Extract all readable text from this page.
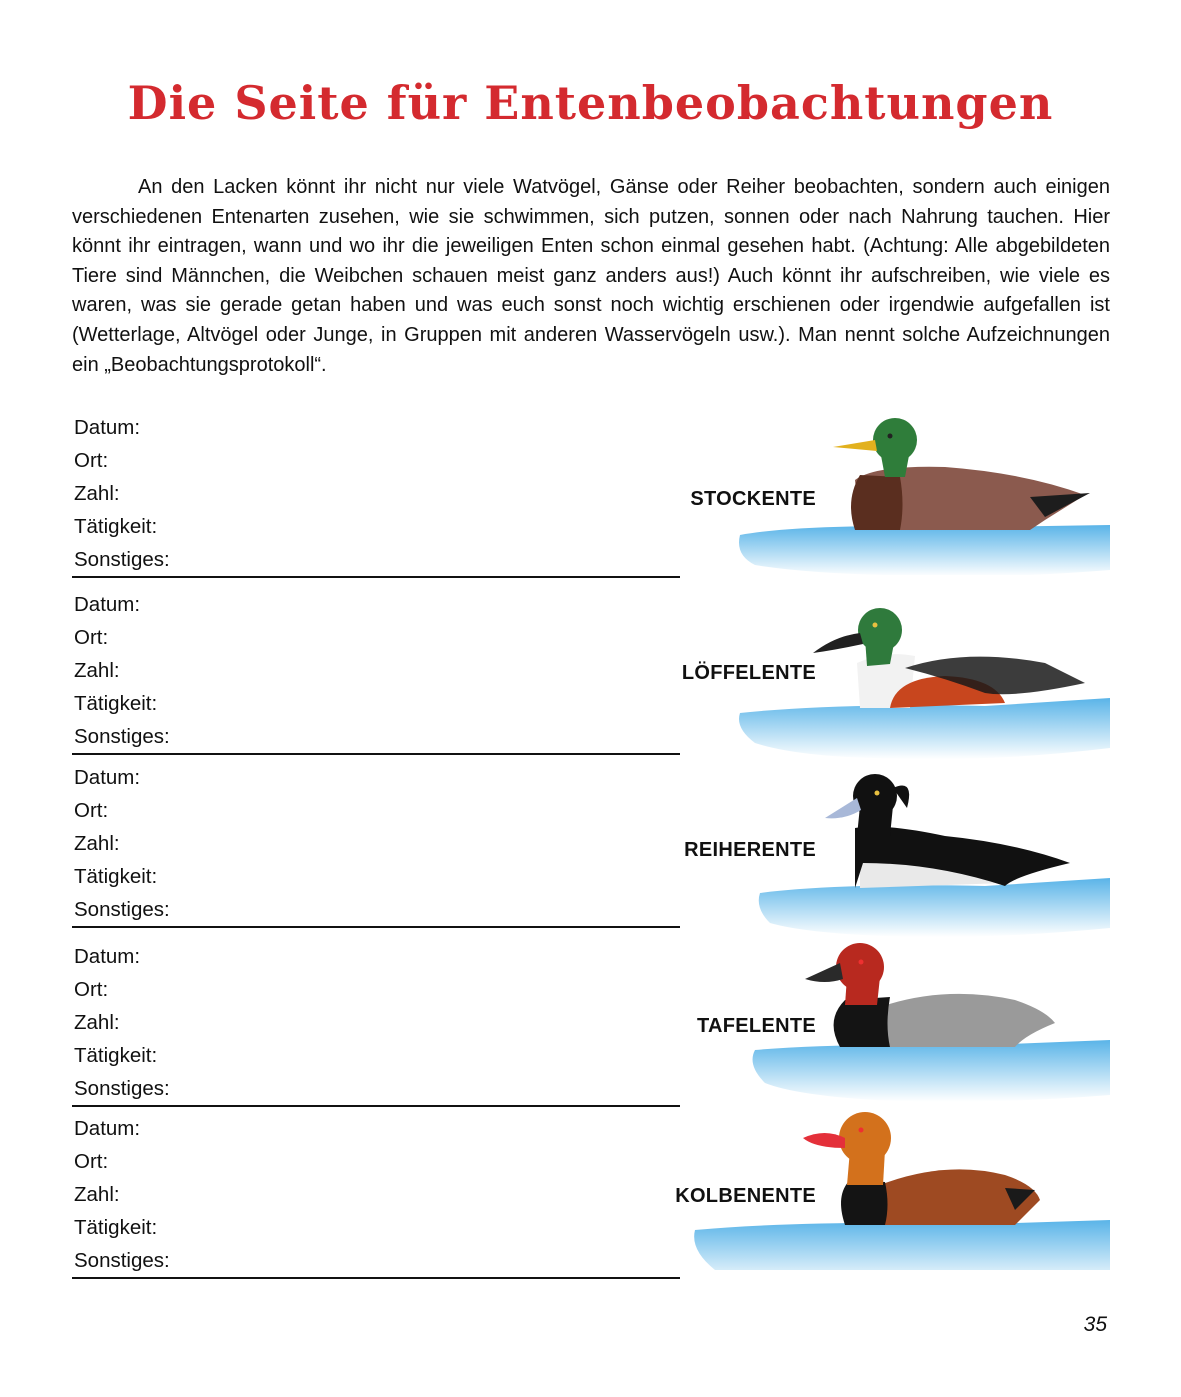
Die Seite für Entenbeobachtungen

An den Lacken könnt ihr nicht nur viele Watvögel, Gänse oder Reiher beobachten, sondern auch einigen verschiedenen Entenarten zusehen, wie sie schwimmen, sich putzen, sonnen oder nach Nahrung tauchen. Hier könnt ihr eintragen, wann und wo ihr die jeweiligen Enten schon einmal gesehen habt. (Achtung: Alle abgebildeten Tiere sind Männchen, die Weibchen schauen meist ganz anders aus!) Auch könnt ihr aufschreiben, wie viele es waren, was sie gerade getan haben und was euch sonst noch wichtig erschienen oder irgendwie aufgefallen ist (Wetterlage, Altvögel oder Junge, in Gruppen mit anderen Wasservögeln usw.). Man nennt solche Aufzeichnungen ein „Beobachtungsprotokoll“.

Datum:
Ort:
Zahl:
Tätigkeit:
Sonstiges:
Datum:
Ort:
Zahl:
Tätigkeit:
Sonstiges:
Datum:
Ort:
Zahl:
Tätigkeit:
Sonstiges:
Datum:
Ort:
Zahl:
Tätigkeit:
Sonstiges:
Datum:
Ort:
Zahl:
Tätigkeit:
Sonstiges:
STOCKENTE
LÖFFELENTE
REIHERENTE
TAFELENTE
KOLBENENTE
35
